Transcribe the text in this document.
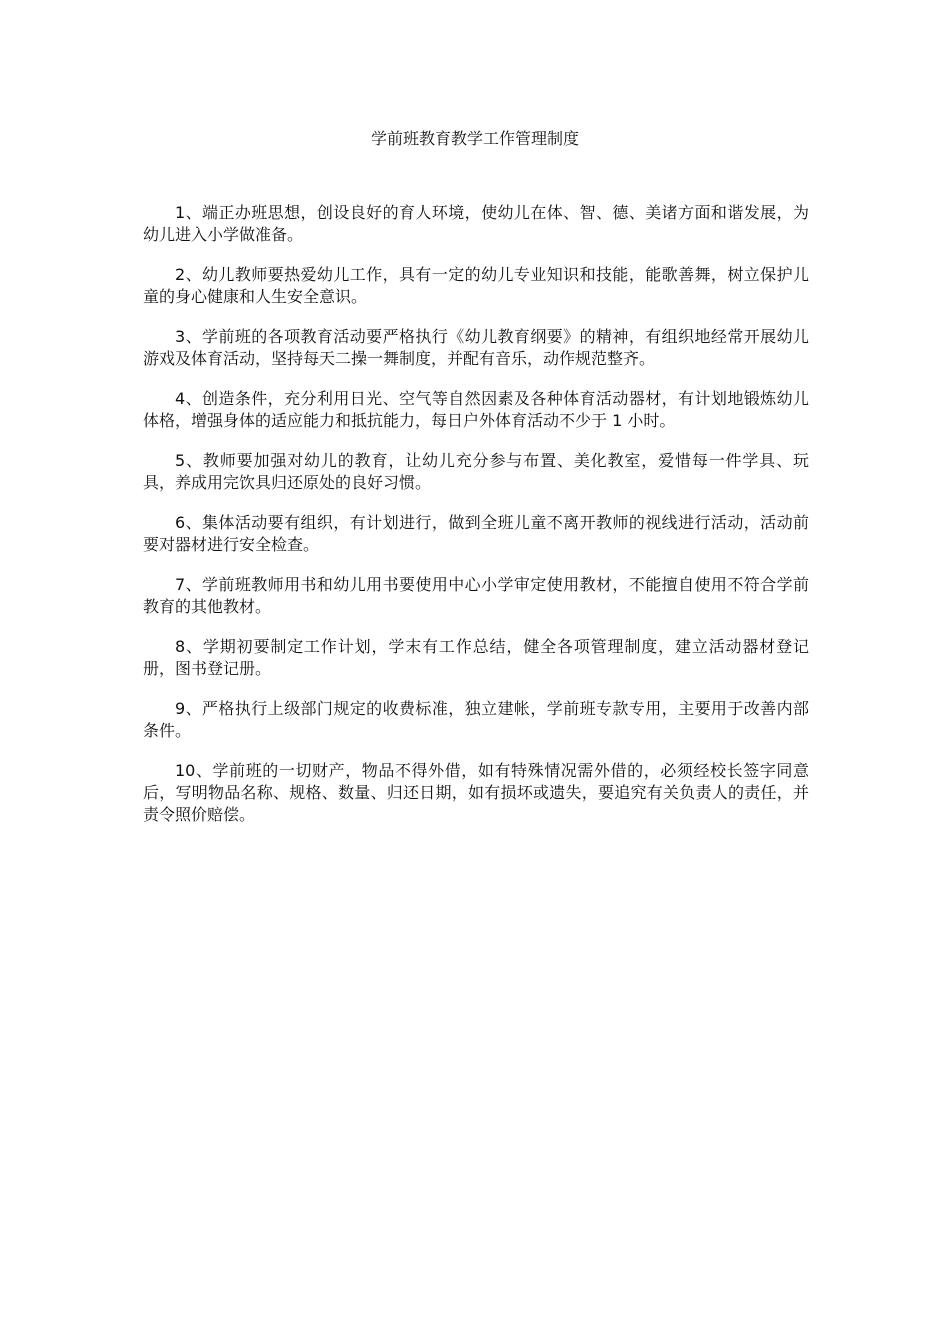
学前班教育教学工作管理制度

1、端正办班思想，创设良好的育人环境，使幼儿在体、智、德、美诸方面和谐发展，为幼儿进入小学做准备。

2、幼儿教师要热爱幼儿工作，具有一定的幼儿专业知识和技能，能歌善舞，树立保护儿童的身心健康和人生安全意识。

3、学前班的各项教育活动要严格执行《幼儿教育纲要》的精神，有组织地经常开展幼儿游戏及体育活动，坚持每天二操一舞制度，并配有音乐，动作规范整齐。

4、创造条件，充分利用日光、空气等自然因素及各种体育活动器材，有计划地锻炼幼儿体格，增强身体的适应能力和抵抗能力，每日户外体育活动不少于 1 小时。

5、教师要加强对幼儿的教育，让幼儿充分参与布置、美化教室，爱惜每一件学具、玩具，养成用完饮具归还原处的良好习惯。

6、集体活动要有组织，有计划进行，做到全班儿童不离开教师的视线进行活动，活动前要对器材进行安全检查。

7、学前班教师用书和幼儿用书要使用中心小学审定使用教材，不能擅自使用不符合学前教育的其他教材。

8、学期初要制定工作计划，学末有工作总结，健全各项管理制度，建立活动器材登记册，图书登记册。

9、严格执行上级部门规定的收费标准，独立建帐，学前班专款专用，主要用于改善内部条件。

10、学前班的一切财产，物品不得外借，如有特殊情况需外借的，必须经校长签字同意后，写明物品名称、规格、数量、归还日期，如有损坏或遗失，要追究有关负责人的责任，并责令照价赔偿。
